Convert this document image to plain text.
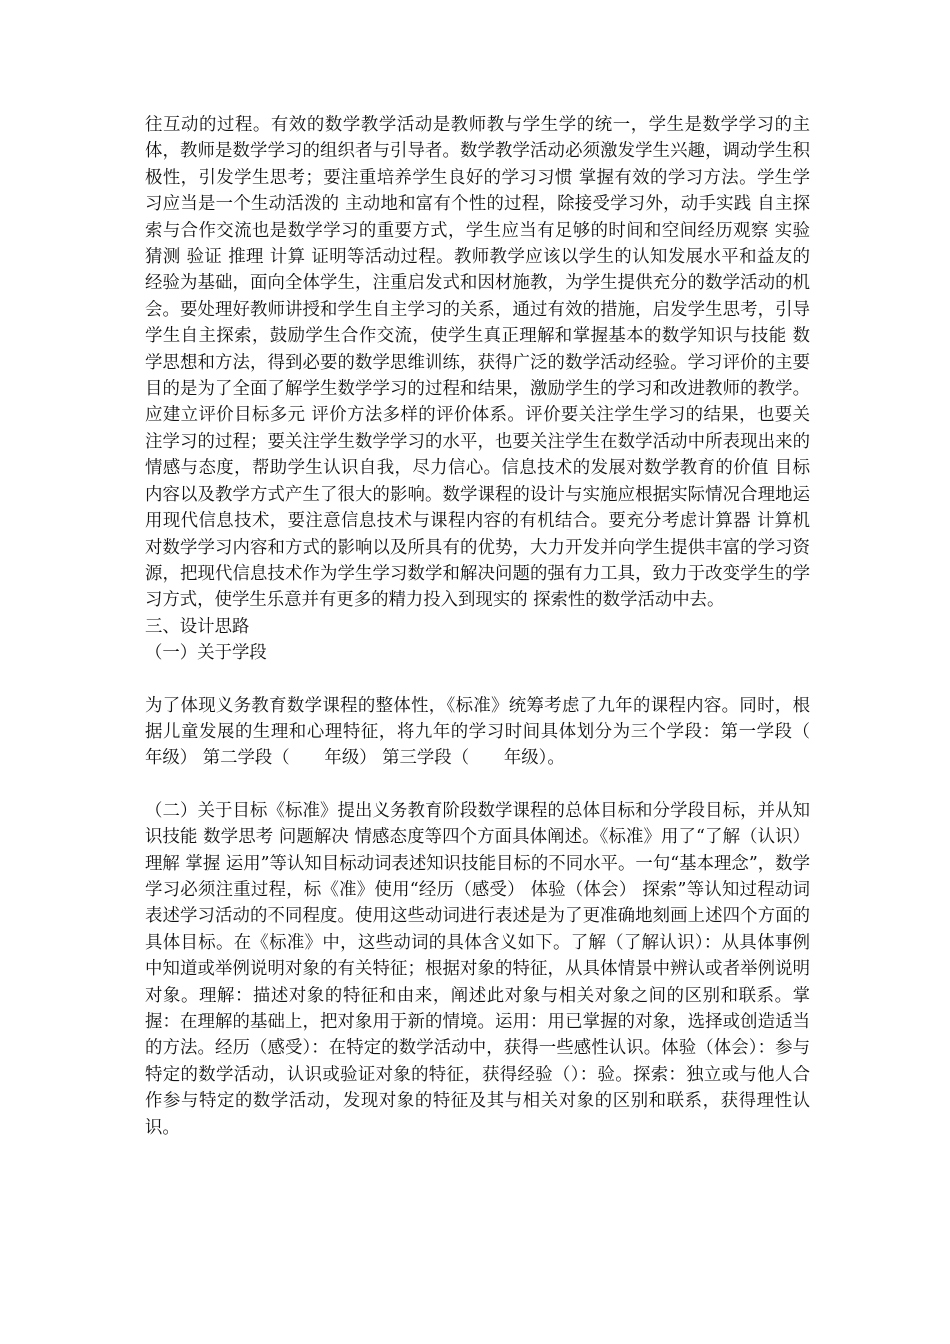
往互动的过程。有效的数学教学活动是教师教与学生学的统一，学生是数学学习的主体，教师是数学学习的组织者与引导者。数学教学活动必须激发学生兴趣，调动学生积极性，引发学生思考；要注重培养学生良好的学习习惯 掌握有效的学习方法。学生学习应当是一个生动活泼的 主动地和富有个性的过程，除接受学习外，动手实践 自主探索与合作交流也是数学学习的重要方式，学生应当有足够的时间和空间经历观察 实验 猜测 验证 推理 计算 证明等活动过程。教师教学应该以学生的认知发展水平和益友的经验为基础，面向全体学生，注重启发式和因材施教，为学生提供充分的数学活动的机会。要处理好教师讲授和学生自主学习的关系，通过有效的措施，启发学生思考，引导学生自主探索，鼓励学生合作交流，使学生真正理解和掌握基本的数学知识与技能 数学思想和方法，得到必要的数学思维训练，获得广泛的数学活动经验。学习评价的主要目的是为了全面了解学生数学学习的过程和结果，激励学生的学习和改进教师的教学。应建立评价目标多元 评价方法多样的评价体系。评价要关注学生学习的结果，也要关注学习的过程；要关注学生数学学习的水平，也要关注学生在数学活动中所表现出来的情感与态度，帮助学生认识自我，尽力信心。信息技术的发展对数学教育的价值 目标 内容以及教学方式产生了很大的影响。数学课程的设计与实施应根据实际情况合理地运用现代信息技术，要注意信息技术与课程内容的有机结合。要充分考虑计算器 计算机对数学学习内容和方式的影响以及所具有的优势，大力开发并向学生提供丰富的学习资源，把现代信息技术作为学生学习数学和解决问题的强有力工具，致力于改变学生的学习方式，使学生乐意并有更多的精力投入到现实的 探索性的数学活动中去。

三、设计思路

（一）关于学段

为了体现义务教育数学课程的整体性，《标准》统筹考虑了九年的课程内容。同时，根据儿童发展的生理和心理特征，将九年的学习时间具体划分为三个学段：第一学段（　　年级） 第二学段（　　年级） 第三学段（　　年级）。

（二）关于目标《标准》提出义务教育阶段数学课程的总体目标和分学段目标，并从知识技能 数学思考 问题解决 情感态度等四个方面具体阐述。《标准》用了“了解（认识） 理解 掌握 运用”等认知目标动词表述知识技能目标的不同水平。一句“基本理念”，数学学习必须注重过程，标《准》使用“经历（感受） 体验（体会） 探索”等认知过程动词表述学习活动的不同程度。使用这些动词进行表述是为了更准确地刻画上述四个方面的具体目标。在《标准》中，这些动词的具体含义如下。了解（了解认识）：从具体事例中知道或举例说明对象的有关特征；根据对象的特征，从具体情景中辨认或者举例说明对象。理解：描述对象的特征和由来，阐述此对象与相关对象之间的区别和联系。掌握：在理解的基础上，把对象用于新的情境。运用：用已掌握的对象，选择或创造适当的方法。经历（感受）：在特定的数学活动中，获得一些感性认识。体验（体会）：参与特定的数学活动，认识或验证对象的特征，获得经验（）：验。探索：独立或与他人合作参与特定的数学活动，发现对象的特征及其与相关对象的区别和联系，获得理性认识。
